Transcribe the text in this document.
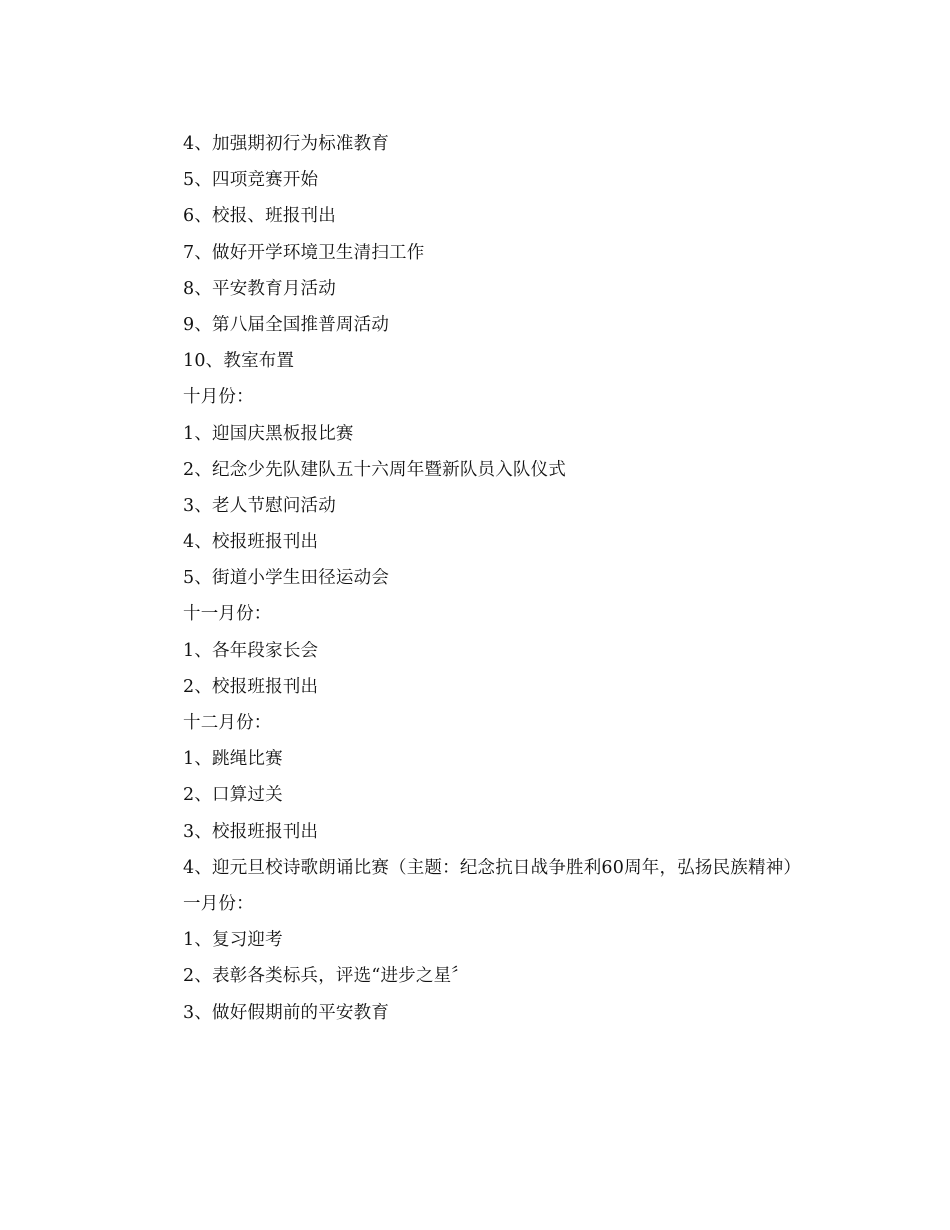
4、加强期初行为标准教育
5、四项竞赛开始
6、校报、班报刊出
7、做好开学环境卫生清扫工作
8、平安教育月活动
9、第八届全国推普周活动
10、教室布置
十月份：
1、迎国庆黑板报比赛
2、纪念少先队建队五十六周年暨新队员入队仪式
3、老人节慰问活动
4、校报班报刊出
5、街道小学生田径运动会
十一月份：
1、各年段家长会
2、校报班报刊出
十二月份：
1、跳绳比赛
2、口算过关
3、校报班报刊出
4、迎元旦校诗歌朗诵比赛（主题：纪念抗日战争胜利60周年，弘扬民族精神）
一月份：
1、复习迎考
2、表彰各类标兵，评选“进步之星〞
3、做好假期前的平安教育
